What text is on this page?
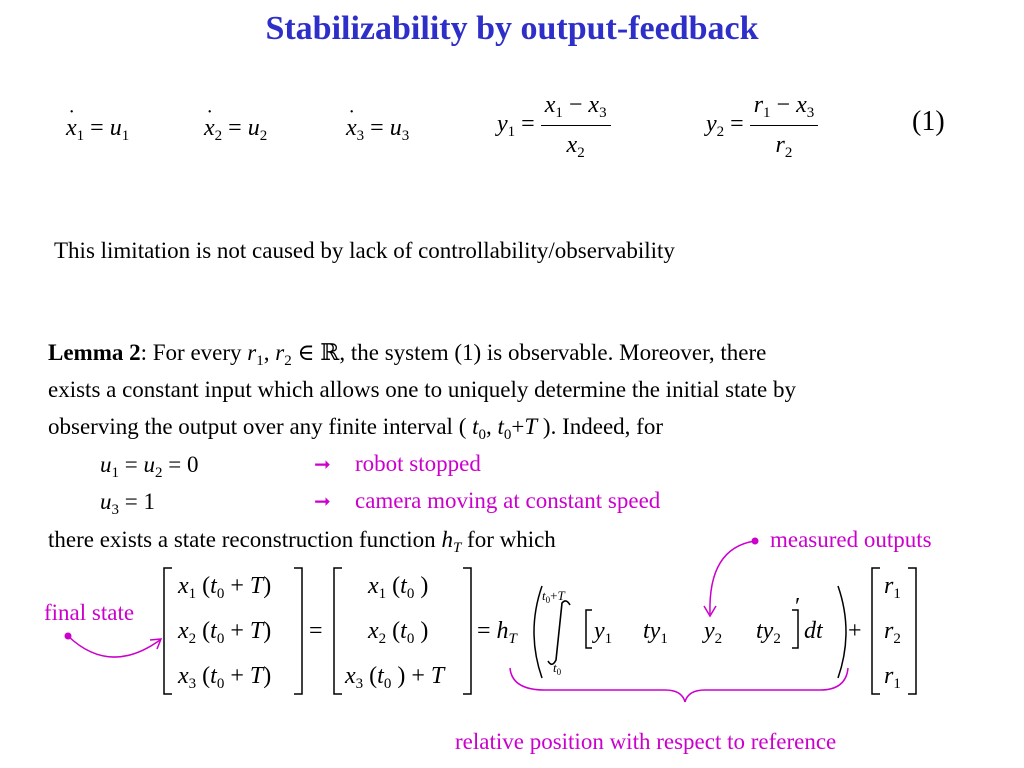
Stabilizability by output-feedback
˙ $x_1 = u_1$	˙ $x_2 = u_2$	˙ $x_3 = u_3$	$y_1 = \frac{x_1 - x_3}{x_2}$	$y_2 = \frac{r_1 - x_3}{r_2}$	(1)
This limitation is not caused by lack of controllability/observability
Lemma 2: For every $r_1$, $r_2$ ∈ ℝ, the system (1) is observable. Moreover, there
exists a constant input which allows one to uniquely determine the initial state by
observing the output over any finite interval ( $t_0$, $t_0+T$ ). Indeed, for
$u_1 = u_2 = 0$	➞ robot stopped
$u_3 = 1$	➞ camera moving at constant speed
there exists a state reconstruction function $h_T$ for which	measured outputs
final state
relative position with respect to reference
$x_1$ $(t_0 + T)$
$x_2$ $(t_0 + T)$
$x_3$ $(t_0 + T)$
=
$x_1$ ($t_0$ )
$x_2$ ($t_0$ )
$x_3$ ($t_0$ ) + T
= $h_T$
$t_0+T$
$t_0$
$y_1$ $ty_1$ $y_2$ $ty_2$
′
dt +
$r_1$
$r_2$
$r_1$
